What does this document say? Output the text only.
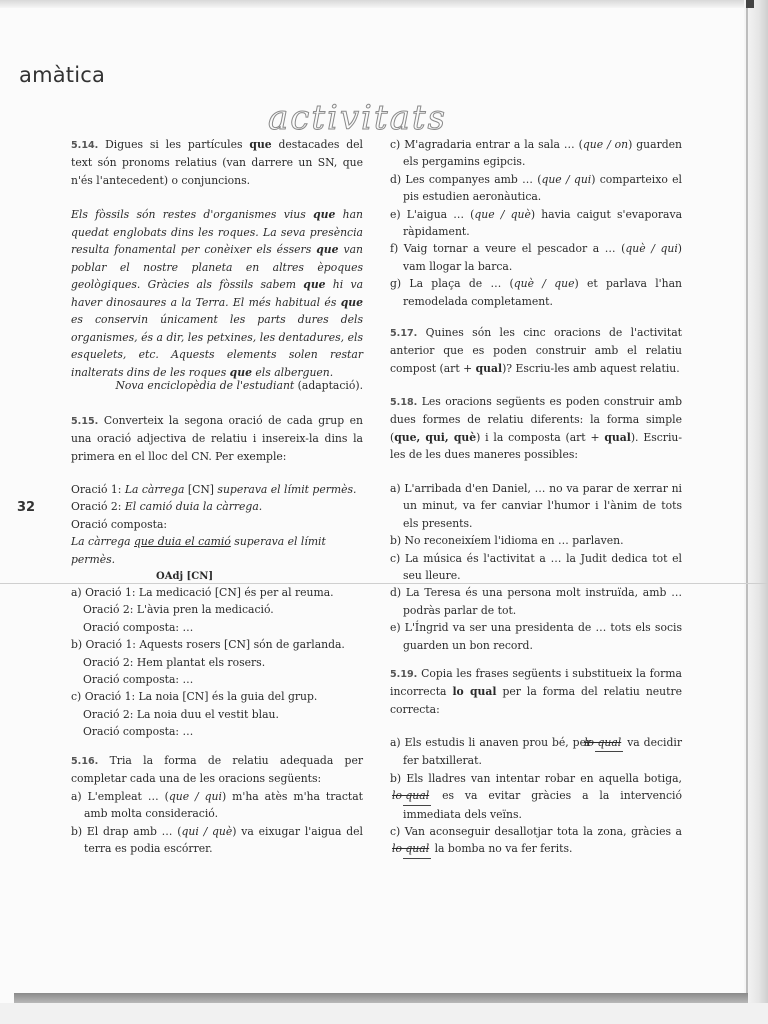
amàtica
activitats
32

5.14. Digues si les partícules que destacades del text són pronoms relatius (van darrere un SN, que n'és l'antecedent) o conjuncions.

Els fòssils són restes d'organismes vius que han quedat englobats dins les roques. La seva presència resulta fonamental per conèixer els éssers que van poblar el nostre planeta en altres èpoques geològiques. Gràcies als fòssils sabem que hi va haver dinosaures a la Terra. El més habitual és que es conservin únicament les parts dures dels organismes, és a dir, les petxines, les dentadures, els esquelets, etc. Aquests elements solen restar inalterats dins de les roques que els alberguen.
Nova enciclopèdia de l'estudiant (adaptació).
5.15. Converteix la segona oració de cada grup en una oració adjectiva de relatiu i insereix-la dins la primera en el lloc del CN. Per exemple:

Oració 1: La càrrega [CN] superava el límit permès.

Oració 2: El camió duia la càrrega.

Oració composta:

La càrrega que duia el camió superava el límit permès.

OAdj [CN]

a) Oració 1: La medicació [CN] és per al reuma.

Oració 2: L'àvia pren la medicació.

Oració composta: …

b) Oració 1: Aquests rosers [CN] són de garlanda.

Oració 2: Hem plantat els rosers.

Oració composta: …

c) Oració 1: La noia [CN] és la guia del grup.

Oració 2: La noia duu el vestit blau.

Oració composta: …

5.16. Tria la forma de relatiu adequada per completar cada una de les oracions següents:

a) L'empleat … (que / qui) m'ha atès m'ha tractat amb molta consideració.

b) El drap amb … (qui / què) va eixugar l'aigua del terra es podia escórrer.

c) M'agradaria entrar a la sala … (que / on) guarden els pergamins egipcis.

d) Les companyes amb … (que / qui) comparteixo el pis estudien aeronàutica.

e) L'aigua … (que / què) havia caigut s'evaporava ràpidament.

f) Vaig tornar a veure el pescador a … (què / qui) vam llogar la barca.

g) La plaça de … (què / que) et parlava l'han remodelada completament.

5.17. Quines són les cinc oracions de l'activitat anterior que es poden construir amb el relatiu compost (art + qual)? Escriu-les amb aquest relatiu.

5.18. Les oracions següents es poden construir amb dues formes de relatiu diferents: la forma simple (que, qui, què) i la composta (art + qual). Escriu-les de les dues maneres possibles:

a) L'arribada d'en Daniel, … no va parar de xerrar ni un minut, va fer canviar l'humor i l'ànim de tots els presents.

b) No reconeixíem l'idioma en … parlaven.

c) La música és l'activitat a … la Judit dedica tot el seu lleure.

d) La Teresa és una persona molt instruïda, amb … podràs parlar de tot.

e) L'Íngrid va ser una presidenta de … tots els socis guarden un bon record.

5.19. Copia les frases següents i substitueix la forma incorrecta lo qual per la forma del relatiu neutre correcta:

a) Els estudis li anaven prou bé, per lo qual va decidir fer batxillerat.

b) Els lladres van intentar robar en aquella botiga, lo qual es va evitar gràcies a la intervenció immediata dels veïns.

c) Van aconseguir desallotjar tota la zona, gràcies a lo qual la bomba no va fer ferits.
